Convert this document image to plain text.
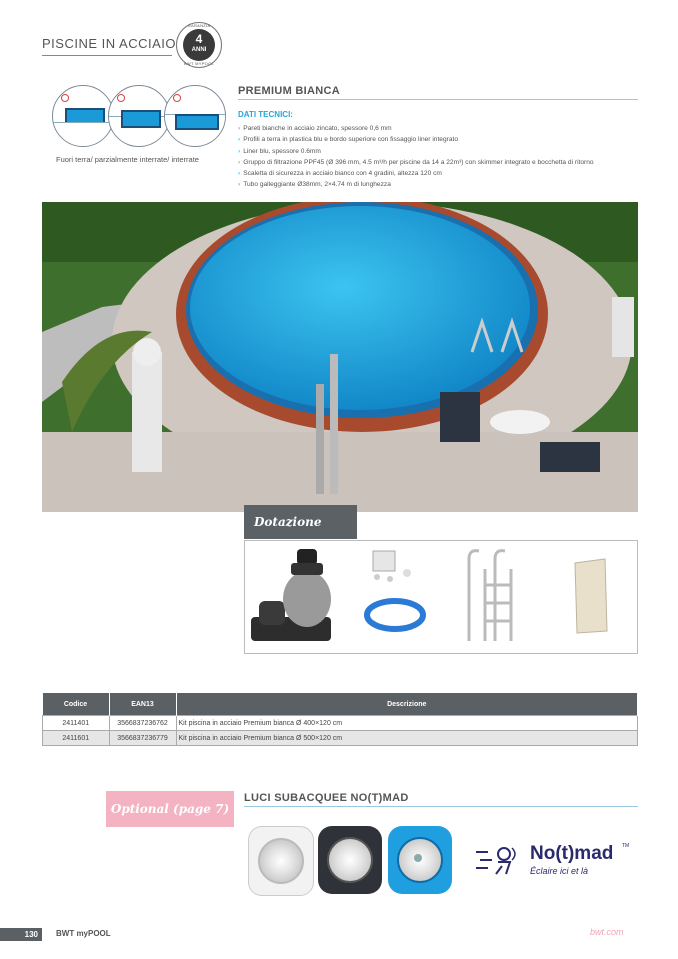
PISCINE IN ACCIAIO
GARANZIA
4
ANNI
BWT MYPOOL
Fuori terra/ parzialmente interrate/ interrate
PREMIUM BIANCA
DATI TECNICI:
› Pareti bianche in acciaio zincato, spessore 0,6 mm
› Profili a terra in plastica blu e bordo superiore con fissaggio liner integrato
› Liner blu, spessore 0.6mm
› Gruppo di filtrazione PPF45 (Ø 396 mm, 4.5 m³/h per piscine da 14 a 22m³) con skimmer integrato e bocchetta di ritorno
› Scaletta di sicurezza in acciaio bianco con 4 gradini, altezza 120 cm
› Tubo galleggiante Ø38mm, 2×4.74 m di lunghezza
Dotazione
Codice	EAN13	Descrizione
2411401	3566837236762	Kit piscina in acciaio Premium bianca Ø 400×120 cm
2411601	3566837236779	Kit piscina in acciaio Premium bianca Ø 500×120 cm
Optional (page 7)
LUCI SUBACQUEE NO(T)MAD
No(t)mad TM
Éclaire ici et là
130	BWT myPOOL	bwt.com
